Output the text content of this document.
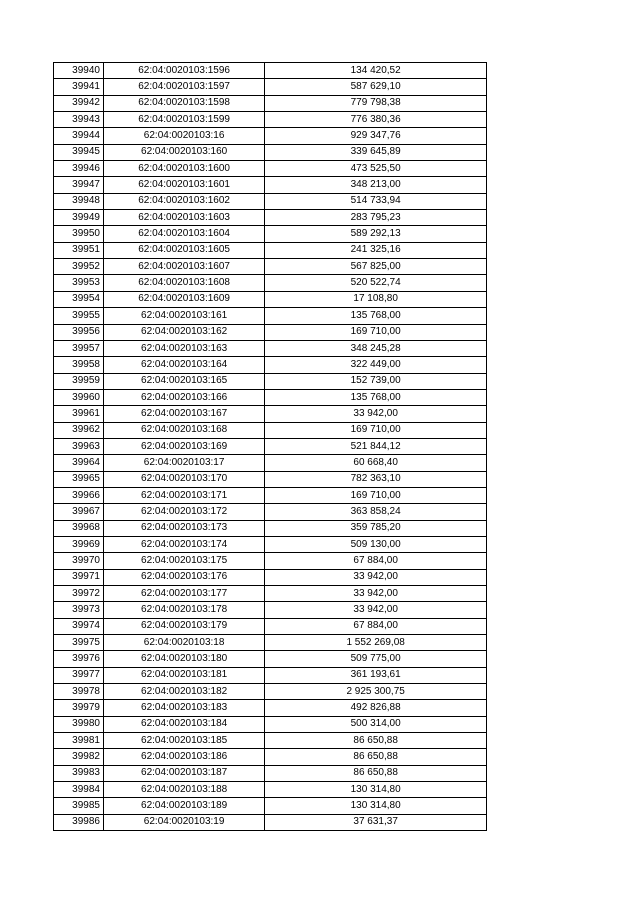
39940	62:04:0020103:1596	134 420,52
39941	62:04:0020103:1597	587 629,10
39942	62:04:0020103:1598	779 798,38
39943	62:04:0020103:1599	776 380,36
39944	62:04:0020103:16	929 347,76
39945	62:04:0020103:160	339 645,89
39946	62:04:0020103:1600	473 525,50
39947	62:04:0020103:1601	348 213,00
39948	62:04:0020103:1602	514 733,94
39949	62:04:0020103:1603	283 795,23
39950	62:04:0020103:1604	589 292,13
39951	62:04:0020103:1605	241 325,16
39952	62:04:0020103:1607	567 825,00
39953	62:04:0020103:1608	520 522,74
39954	62:04:0020103:1609	17 108,80
39955	62:04:0020103:161	135 768,00
39956	62:04:0020103:162	169 710,00
39957	62:04:0020103:163	348 245,28
39958	62:04:0020103:164	322 449,00
39959	62:04:0020103:165	152 739,00
39960	62:04:0020103:166	135 768,00
39961	62:04:0020103:167	33 942,00
39962	62:04:0020103:168	169 710,00
39963	62:04:0020103:169	521 844,12
39964	62:04:0020103:17	60 668,40
39965	62:04:0020103:170	782 363,10
39966	62:04:0020103:171	169 710,00
39967	62:04:0020103:172	363 858,24
39968	62:04:0020103:173	359 785,20
39969	62:04:0020103:174	509 130,00
39970	62:04:0020103:175	67 884,00
39971	62:04:0020103:176	33 942,00
39972	62:04:0020103:177	33 942,00
39973	62:04:0020103:178	33 942,00
39974	62:04:0020103:179	67 884,00
39975	62:04:0020103:18	1 552 269,08
39976	62:04:0020103:180	509 775,00
39977	62:04:0020103:181	361 193,61
39978	62:04:0020103:182	2 925 300,75
39979	62:04:0020103:183	492 826,88
39980	62:04:0020103:184	500 314,00
39981	62:04:0020103:185	86 650,88
39982	62:04:0020103:186	86 650,88
39983	62:04:0020103:187	86 650,88
39984	62:04:0020103:188	130 314,80
39985	62:04:0020103:189	130 314,80
39986	62:04:0020103:19	37 631,37
